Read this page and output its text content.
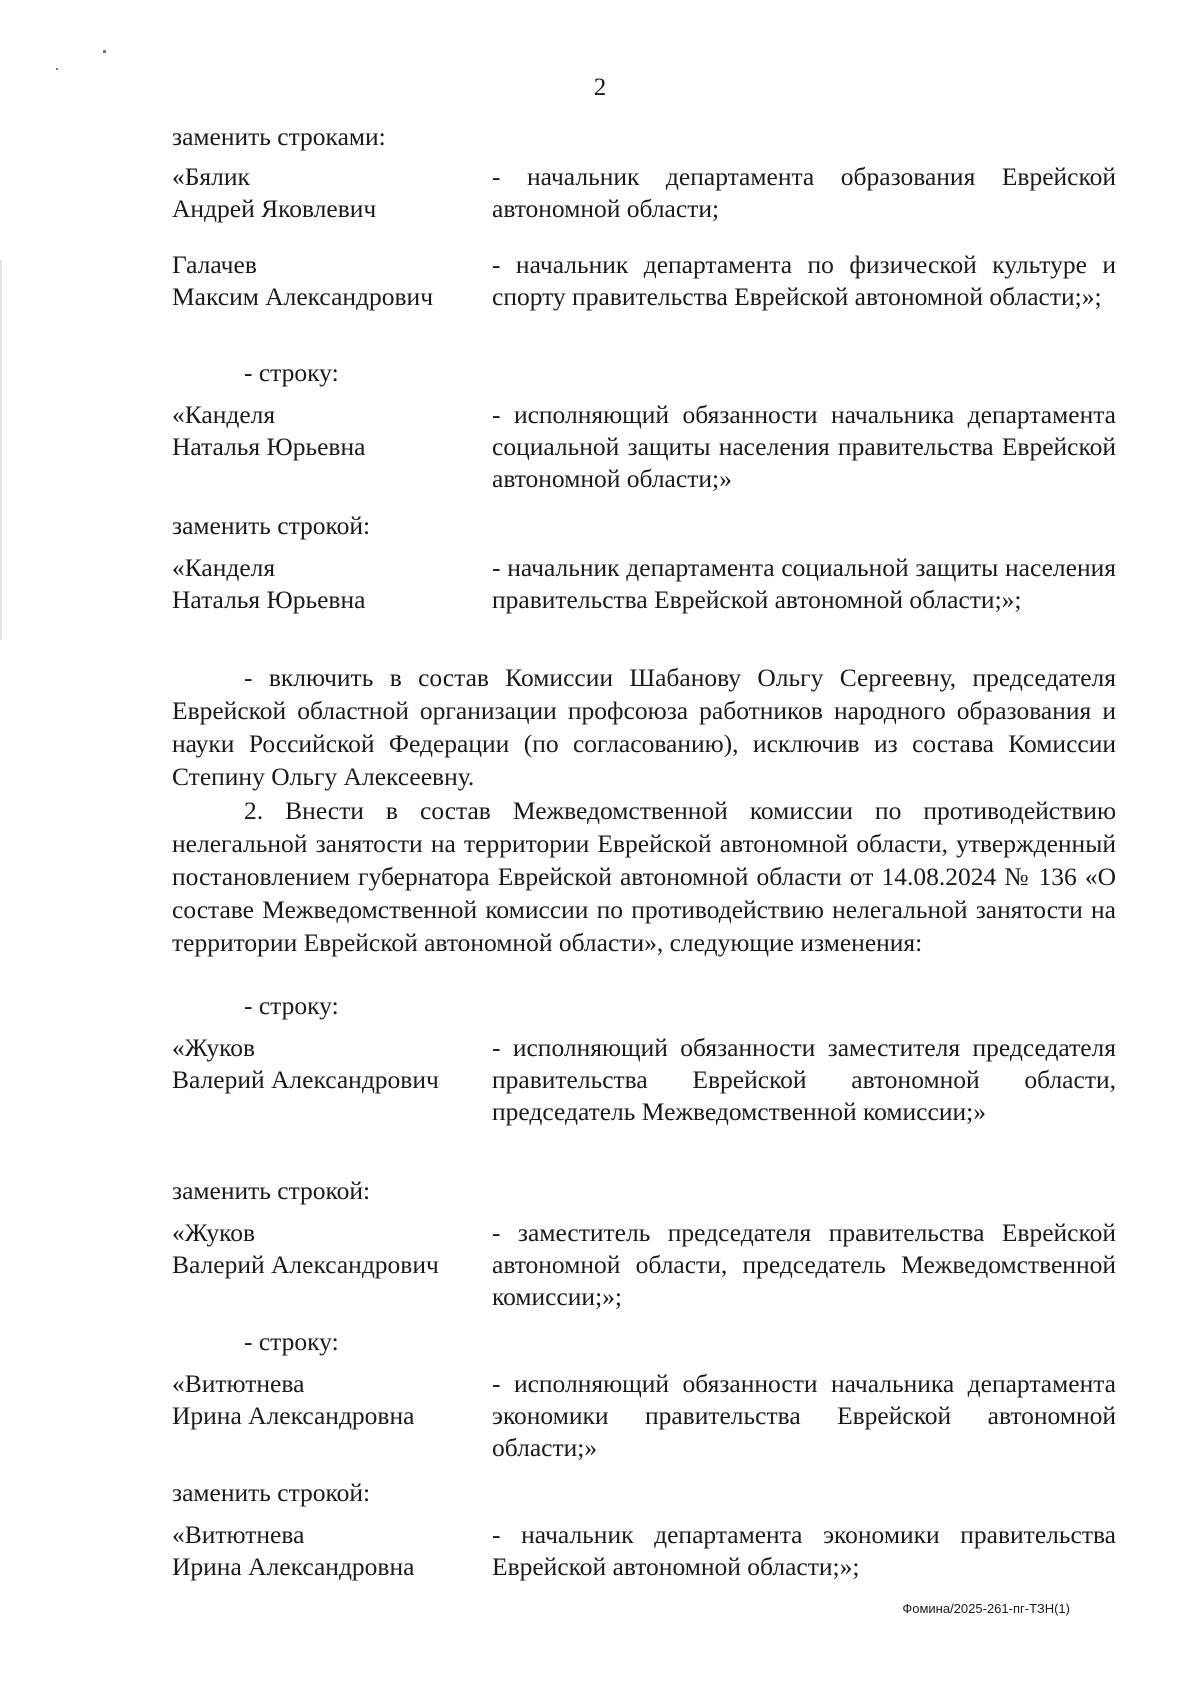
2
заменить строками:
«Бялик
Андрей Яковлевич
- начальник департамента образования Еврейской автономной области;
Галачев
Максим Александрович
- начальник департамента по физической культуре и спорту правительства Еврейской автономной области;»;
- строку:
«Канделя
Наталья Юрьевна
- исполняющий обязанности начальника департамента социальной защиты населения правительства Еврейской автономной области;»
заменить строкой:
«Канделя
Наталья Юрьевна
- начальник департамента социальной защиты населения правительства Еврейской автономной области;»;
- включить в состав Комиссии Шабанову Ольгу Сергеевну, председателя Еврейской областной организации профсоюза работников народного образования и науки Российской Федерации (по согласованию), исключив из состава Комиссии Степину Ольгу Алексеевну.
2. Внести в состав Межведомственной комиссии по противодействию нелегальной занятости на территории Еврейской автономной области, утвержденный постановлением губернатора Еврейской автономной области от 14.08.2024 № 136 «О составе Межведомственной комиссии по противодействию нелегальной занятости на территории Еврейской автономной области», следующие изменения:
- строку:
«Жуков
Валерий Александрович
- исполняющий обязанности заместителя председателя правительства Еврейской автономной области, председатель Межведомственной комиссии;»
заменить строкой:
«Жуков
Валерий Александрович
- заместитель председателя правительства Еврейской автономной области, председатель Межведомственной комиссии;»;
- строку:
«Витютнева
Ирина Александровна
- исполняющий обязанности начальника департамента экономики правительства Еврейской автономной области;»
заменить строкой:
«Витютнева
Ирина Александровна
- начальник департамента экономики правительства Еврейской автономной области;»;
Фомина/2025-261-пг-ТЗН(1)
